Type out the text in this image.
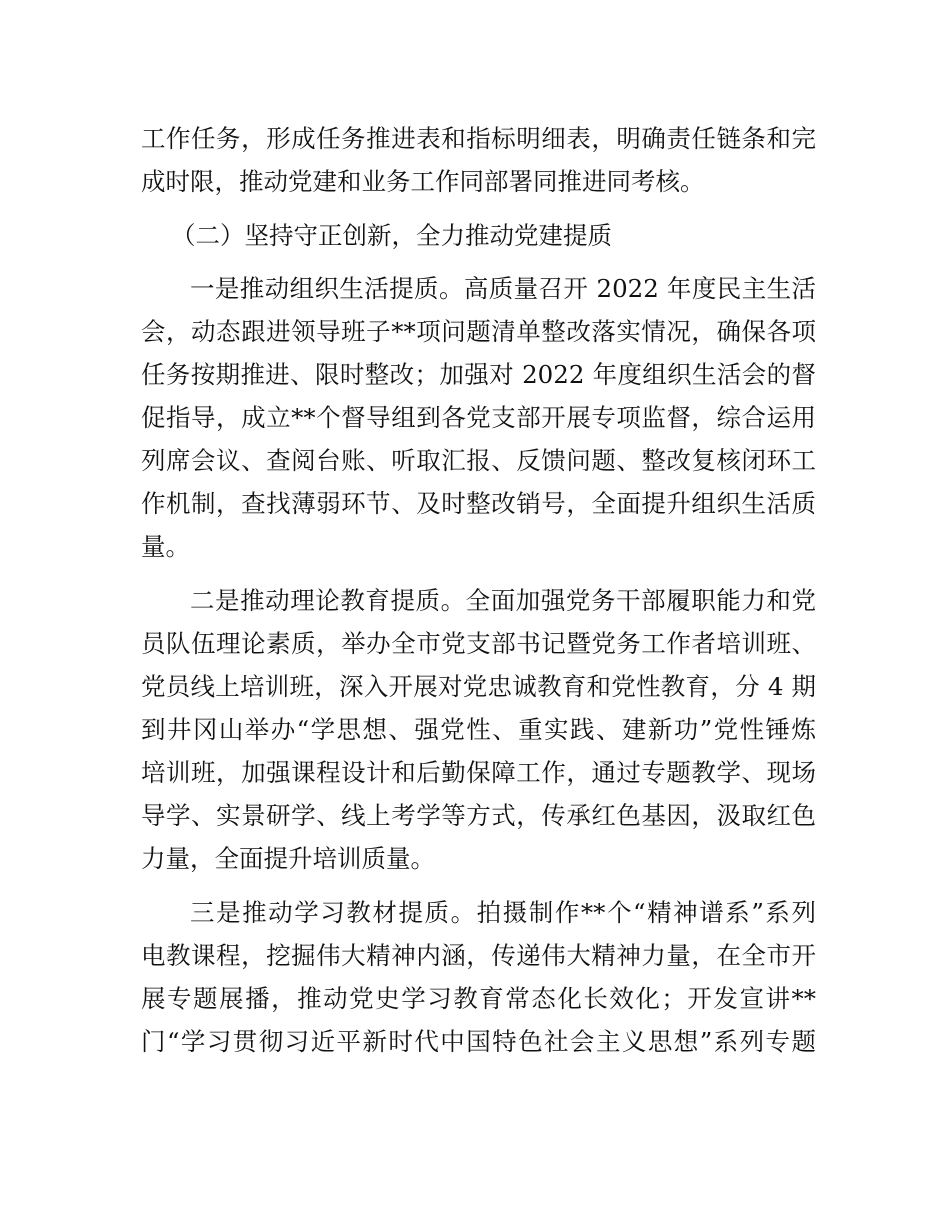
工作任务，形成任务推进表和指标明细表，明确责任链条和完
成时限，推动党建和业务工作同部署同推进同考核。
（二）坚持守正创新，全力推动党建提质
一是推动组织生活提质。高质量召开 2022 年度民主生活
会，动态跟进领导班子**项问题清单整改落实情况，确保各项
任务按期推进、限时整改；加强对 2022 年度组织生活会的督
促指导，成立**个督导组到各党支部开展专项监督，综合运用
列席会议、查阅台账、听取汇报、反馈问题、整改复核闭环工
作机制，查找薄弱环节、及时整改销号，全面提升组织生活质
量。
二是推动理论教育提质。全面加强党务干部履职能力和党
员队伍理论素质，举办全市党支部书记暨党务工作者培训班、
党员线上培训班，深入开展对党忠诚教育和党性教育，分 4 期
到井冈山举办“学思想、强党性、重实践、建新功”党性锤炼
培训班，加强课程设计和后勤保障工作，通过专题教学、现场
导学、实景研学、线上考学等方式，传承红色基因，汲取红色
力量，全面提升培训质量。
三是推动学习教材提质。拍摄制作**个“精神谱系”系列
电教课程，挖掘伟大精神内涵，传递伟大精神力量，在全市开
展专题展播，推动党史学习教育常态化长效化；开发宣讲**
门“学习贯彻习近平新时代中国特色社会主义思想”系列专题
